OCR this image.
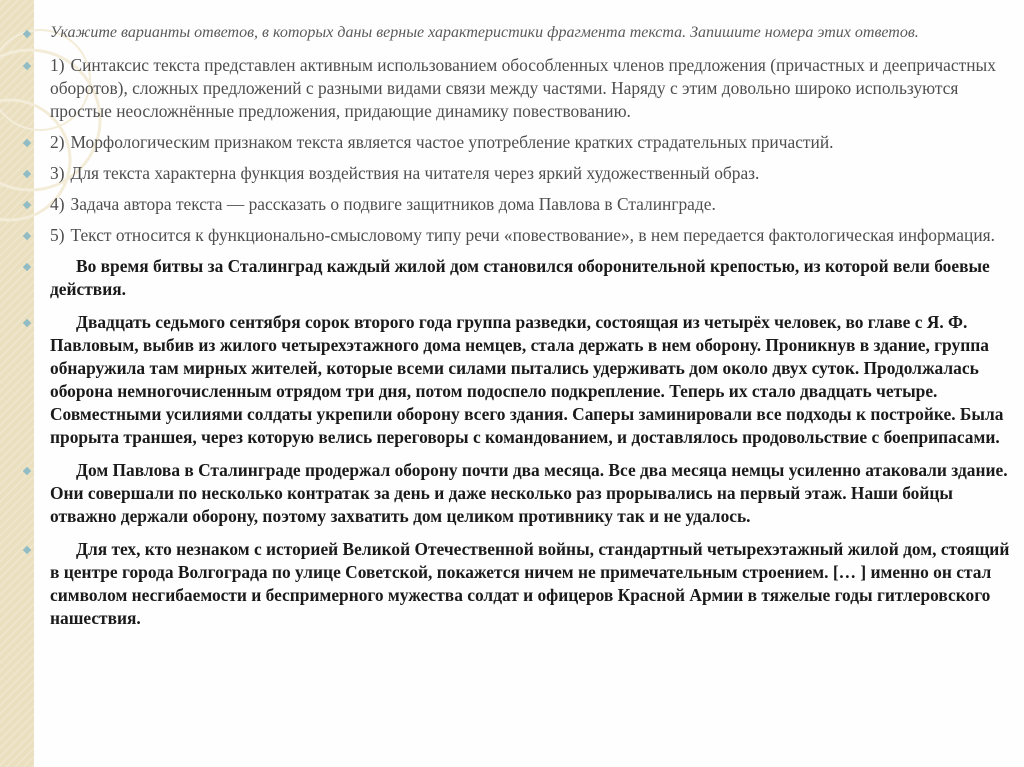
Укажите варианты ответов, в которых даны верные характеристики фрагмента текста. Запишите номера этих ответов.
1) Синтаксис текста представлен активным использованием обособленных членов предложения (причастных и деепричастных оборотов), сложных предложений с разными видами связи между частями. Наряду с этим довольно широко используются простые неосложнённые предложения, придающие динамику повествованию.
2) Морфологическим признаком текста является частое употребление кратких страдательных причастий.
3) Для текста характерна функция воздействия на читателя через яркий художественный образ.
4) Задача автора текста — рассказать о подвиге защитников дома Павлова в Сталинграде.
5) Текст относится к функционально-смысловому типу речи «повествование», в нем передается фактологическая информация.
Во время битвы за Сталинград каждый жилой дом становился оборонительной крепостью, из которой вели боевые действия.
Двадцать седьмого сентября сорок второго года группа разведки, состоящая из четырёх человек, во главе с Я. Ф. Павловым, выбив из жилого четырехэтажного дома немцев, стала держать в нем оборону. Проникнув в здание, группа обнаружила там мирных жителей, которые всеми силами пытались удерживать дом около двух суток. Продолжалась оборона немногочисленным отрядом три дня, потом подоспело подкрепление. Теперь их стало двадцать четыре. Совместными усилиями солдаты укрепили оборону всего здания. Саперы заминировали все подходы к постройке. Была прорыта траншея, через которую велись переговоры с командованием, и доставлялось продовольствие с боеприпасами.
Дом Павлова в Сталинграде продержал оборону почти два месяца. Все два месяца немцы усиленно атаковали здание. Они совершали по несколько контратак за день и даже несколько раз прорывались на первый этаж. Наши бойцы отважно держали оборону, поэтому захватить дом целиком противнику так и не удалось.
Для тех, кто незнаком с историей Великой Отечественной войны, стандартный четырехэтажный жилой дом, стоящий в центре города Волгограда по улице Советской, покажется ничем не примечательным строением. [… ] именно он стал символом несгибаемости и беспримерного мужества солдат и офицеров Красной Армии в тяжелые годы гитлеровского нашествия.
